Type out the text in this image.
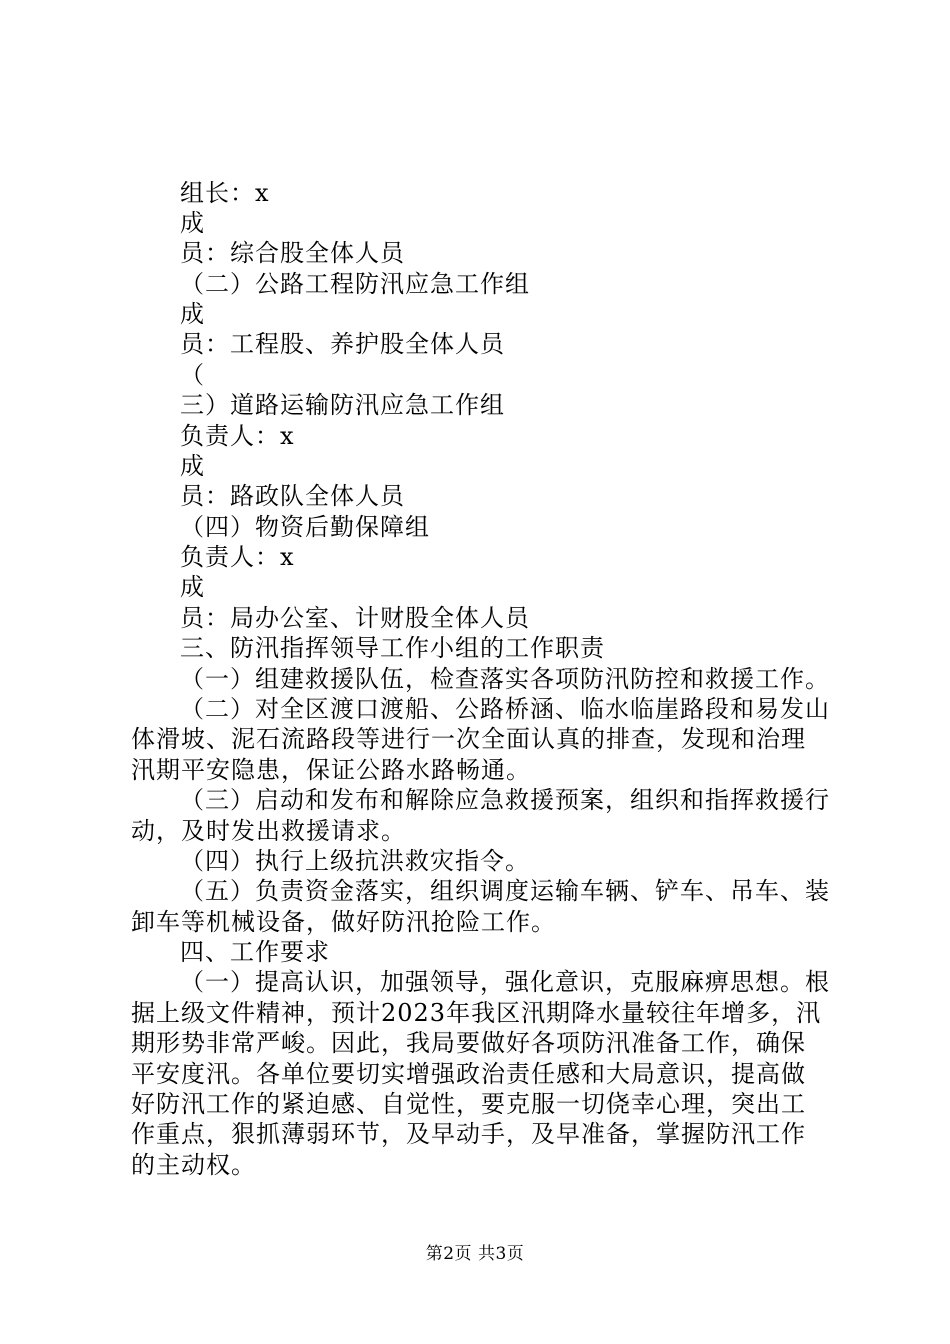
组长：x
成
员：综合股全体人员
（二）公路工程防汛应急工作组
成
员：工程股、养护股全体人员
（
三）道路运输防汛应急工作组
负责人：x
成
员：路政队全体人员
（四）物资后勤保障组
负责人：x
成
员：局办公室、计财股全体人员
三、防汛指挥领导工作小组的工作职责
（一）组建救援队伍，检查落实各项防汛防控和救援工作。
（二）对全区渡口渡船、公路桥涵、临水临崖路段和易发山
体滑坡、泥石流路段等进行一次全面认真的排查，发现和治理
汛期平安隐患，保证公路水路畅通。
（三）启动和发布和解除应急救援预案，组织和指挥救援行
动，及时发出救援请求。
（四）执行上级抗洪救灾指令。
（五）负责资金落实，组织调度运输车辆、铲车、吊车、装
卸车等机械设备，做好防汛抢险工作。
四、工作要求
（一）提高认识，加强领导，强化意识，克服麻痹思想。根
据上级文件精神，预计2023年我区汛期降水量较往年增多，汛
期形势非常严峻。因此，我局要做好各项防汛准备工作，确保
平安度汛。各单位要切实增强政治责任感和大局意识，提高做
好防汛工作的紧迫感、自觉性，要克服一切侥幸心理，突出工
作重点，狠抓薄弱环节，及早动手，及早准备，掌握防汛工作
的主动权。
第2页 共3页
